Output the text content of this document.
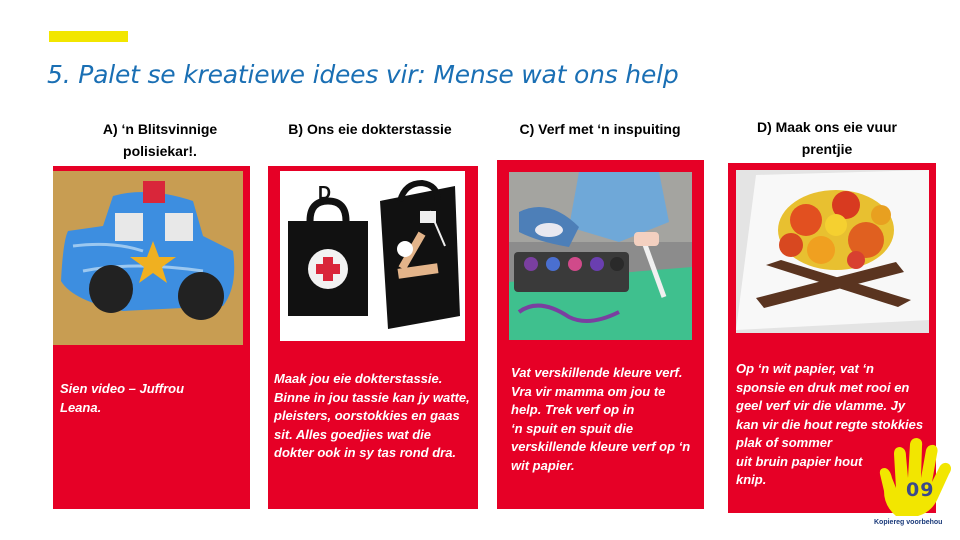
5. Palet se kreatiewe idees vir: Mense wat ons help
A) ‘n Blitsvinnige
polisiekar!.
B) Ons eie dokterstassie	C) Verf met ‘n inspuiting	D) Maak ons eie vuur
prentjie
Sien video – Juffrou
Leana.
D
Maak jou eie dokterstassie.
Binne in jou tassie kan jy watte,
pleisters, oorstokkies en gaas
sit. Alles goedjies wat die
dokter ook in sy tas rond dra.
Vat verskillende kleure verf.
Vra vir mamma om jou te
help. Trek verf op in
‘n spuit en spuit die
verskillende kleure verf op ‘n
wit papier.
Op ‘n wit papier, vat ‘n
sponsie en druk met rooi en
geel verf vir die vlamme. Jy
kan vir die hout regte stokkies
plak of sommer
uit bruin papier hout
knip.	09
Kopiereg voorbehou
